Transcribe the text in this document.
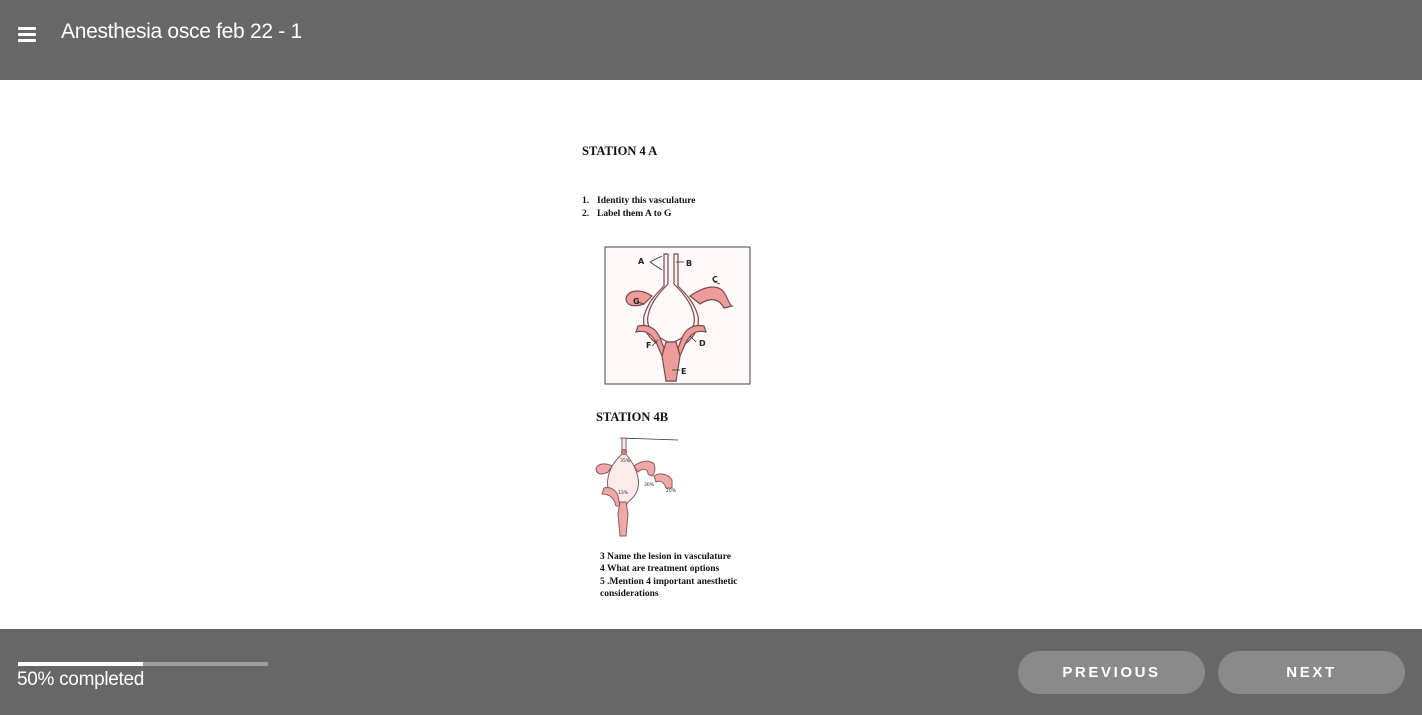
Anesthesia osce feb 22 - 1
STATION 4 A
1. Identity this vasculature
2. Label them A to G
A	B
C
D
E
F
G
STATION 4B
35%
30%
20%
13%
3 Name the lesion in vasculature
4 What are treatment options
5 .Mention 4 important anesthetic considerations
50% completed	PREVIOUS	NEXT
